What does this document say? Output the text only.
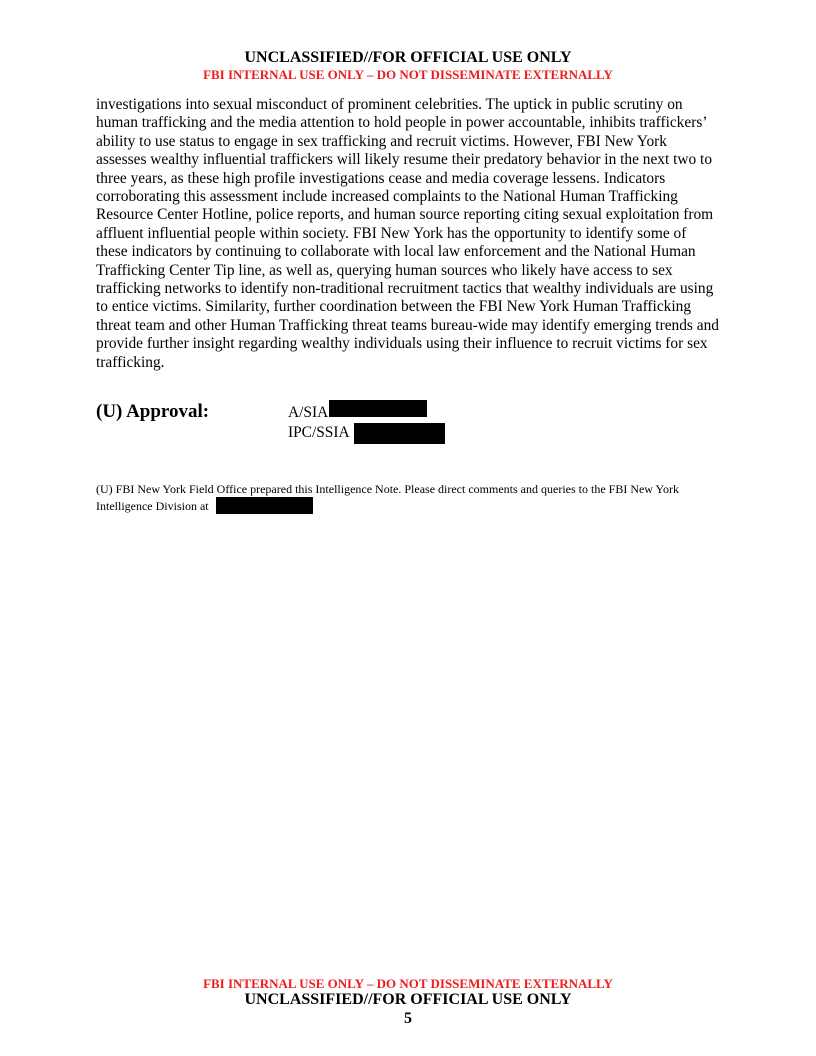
UNCLASSIFIED//FOR OFFICIAL USE ONLY
FBI INTERNAL USE ONLY – DO NOT DISSEMINATE EXTERNALLY

investigations into sexual misconduct of prominent celebrities. The uptick in public scrutiny on human trafficking and the media attention to hold people in power accountable, inhibits traffickers’ ability to use status to engage in sex trafficking and recruit victims. However, FBI New York assesses wealthy influential traffickers will likely resume their predatory behavior in the next two to three years, as these high profile investigations cease and media coverage lessens. Indicators corroborating this assessment include increased complaints to the National Human Trafficking Resource Center Hotline, police reports, and human source reporting citing sexual exploitation from affluent influential people within society. FBI New York has the opportunity to identify some of these indicators by continuing to collaborate with local law enforcement and the National Human Trafficking Center Tip line, as well as, querying human sources who likely have access to sex trafficking networks to identify non-traditional recruitment tactics that wealthy individuals are using to entice victims. Similarity, further coordination between the FBI New York Human Trafficking threat team and other Human Trafficking threat teams bureau-wide may identify emerging trends and provide further insight regarding wealthy individuals using their influence to recruit victims for sex trafficking.

(U) Approval:	A/SIA
IPC/SSIA

(U) FBI New York Field Office prepared this Intelligence Note. Please direct comments and queries to the FBI New York Intelligence Division at

FBI INTERNAL USE ONLY – DO NOT DISSEMINATE EXTERNALLY
UNCLASSIFIED//FOR OFFICIAL USE ONLY
5
